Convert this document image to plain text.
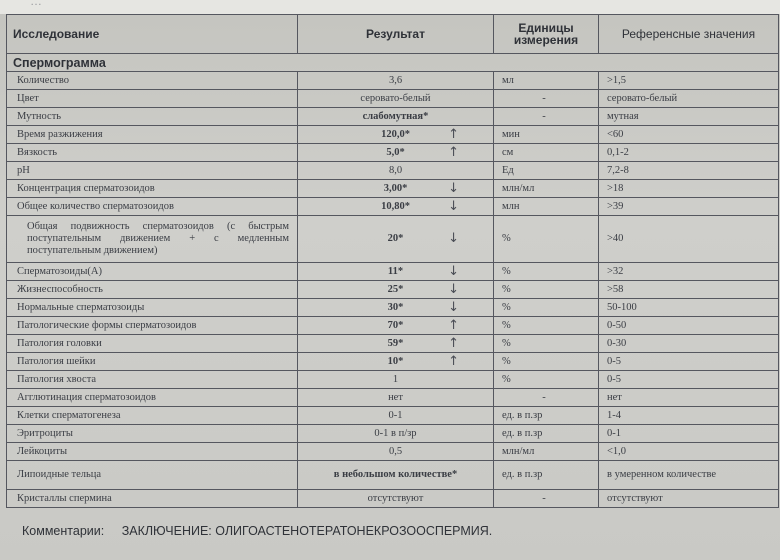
…
Исследование	Результат	Единицы измерения	Референсные значения
Спермограмма			
Количество	3,6	мл	>1,5
Цвет	серовато-белый	-	серовато-белый
Мутность	слабомутная*	-	мутная
Время разжижения	120,0* ↑	мин	<60
Вязкость	5,0* ↑	см	0,1-2
pH	8,0	Ед	7,2-8
Концентрация сперматозоидов	3,00* ↓	млн/мл	>18
Общее количество сперматозоидов	10,80* ↓	млн	>39
Общая подвижность сперматозоидов (с быстрым поступательным движением + с медленным поступательным движением)	20* ↓	%	>40
Сперматозоиды(А)	11* ↓	%	>32
Жизнеспособность	25* ↓	%	>58
Нормальные сперматозоиды	30* ↓	%	50-100
Патологические формы сперматозоидов	70* ↑	%	0-50
Патология головки	59* ↑	%	0-30
Патология шейки	10* ↑	%	0-5
Патология хвоста	1	%	0-5
Агглютинация сперматозоидов	нет	-	нет
Клетки сперматогенеза	0-1	ед. в п.зр	1-4
Эритроциты	0-1 в п/зр	ед. в п.зр	0-1
Лейкоциты	0,5	млн/мл	<1,0
Липоидные тельца	в небольшом количестве*	ед. в п.зр	в умеренном количестве
Кристаллы спермина	отсутствуют	-	отсутствуют
Комментарии: ЗАКЛЮЧЕНИЕ: ОЛИГОАСТЕНОТЕРАТОНЕКРОЗООСПЕРМИЯ.
